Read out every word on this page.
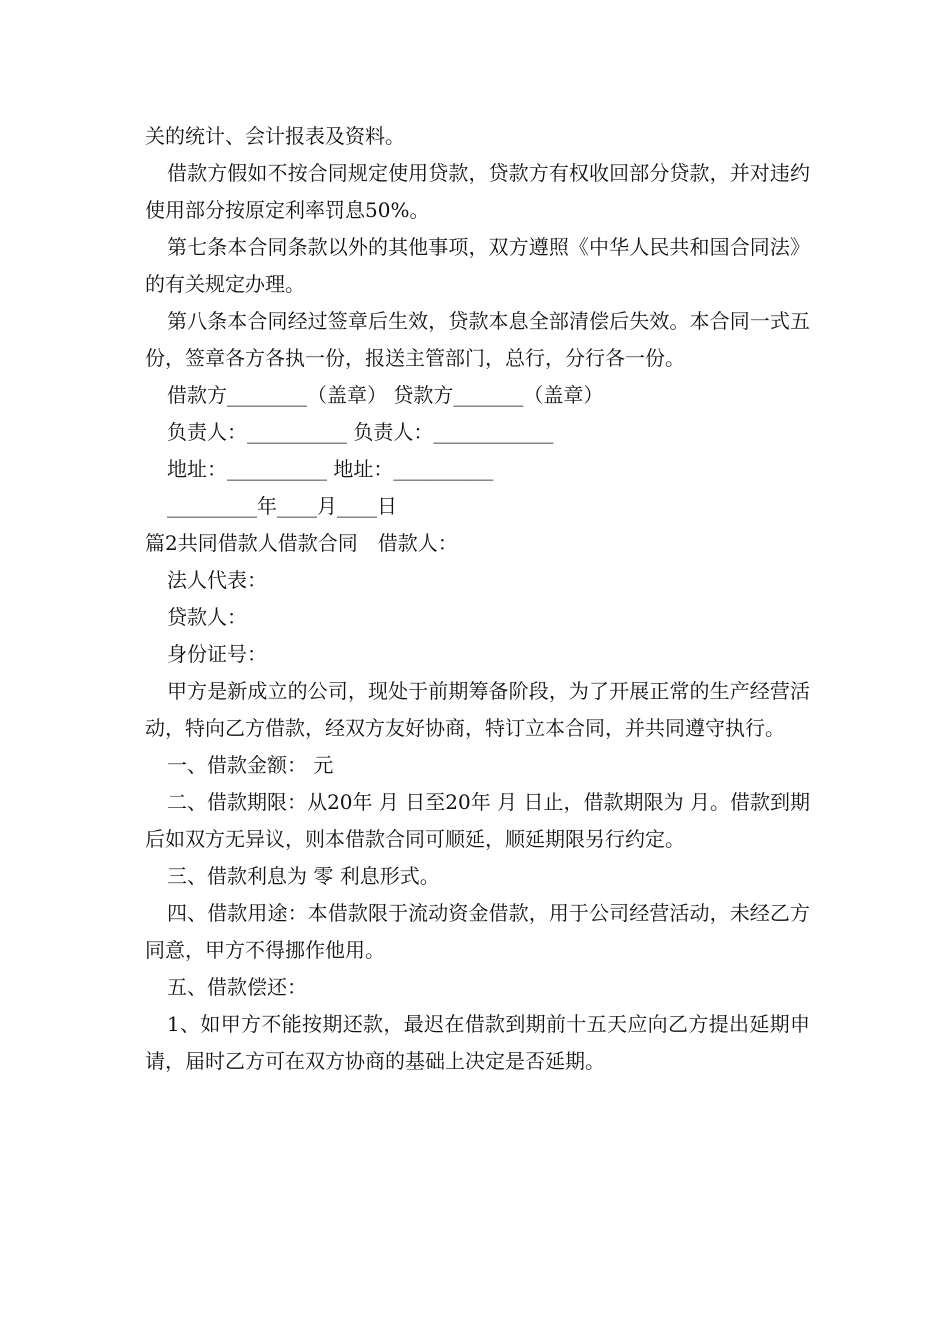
关的统计、会计报表及资料。

借款方假如不按合同规定使用贷款，贷款方有权收回部分贷款，并对违约使用部分按原定利率罚息50%。

第七条本合同条款以外的其他事项，双方遵照《中华人民共和国合同法》的有关规定办理。

第八条本合同经过签章后生效，贷款本息全部清偿后失效。本合同一式五份，签章各方各执一份，报送主管部门，总行，分行各一份。

借款方________（盖章） 贷款方_______（盖章）

负责人：__________ 负责人：____________

地址：__________ 地址：__________

_________年____月____日

篇2共同借款人借款合同　借款人：

法人代表：

贷款人：

身份证号：

甲方是新成立的公司，现处于前期筹备阶段，为了开展正常的生产经营活动，特向乙方借款，经双方友好协商，特订立本合同，并共同遵守执行。

一、借款金额： 元

二、借款期限：从20年 月 日至20年 月 日止，借款期限为 月。借款到期后如双方无异议，则本借款合同可顺延，顺延期限另行约定。

三、借款利息为 零 利息形式。

四、借款用途：本借款限于流动资金借款，用于公司经营活动，未经乙方同意，甲方不得挪作他用。

五、借款偿还：

1、如甲方不能按期还款，最迟在借款到期前十五天应向乙方提出延期申请，届时乙方可在双方协商的基础上决定是否延期。
